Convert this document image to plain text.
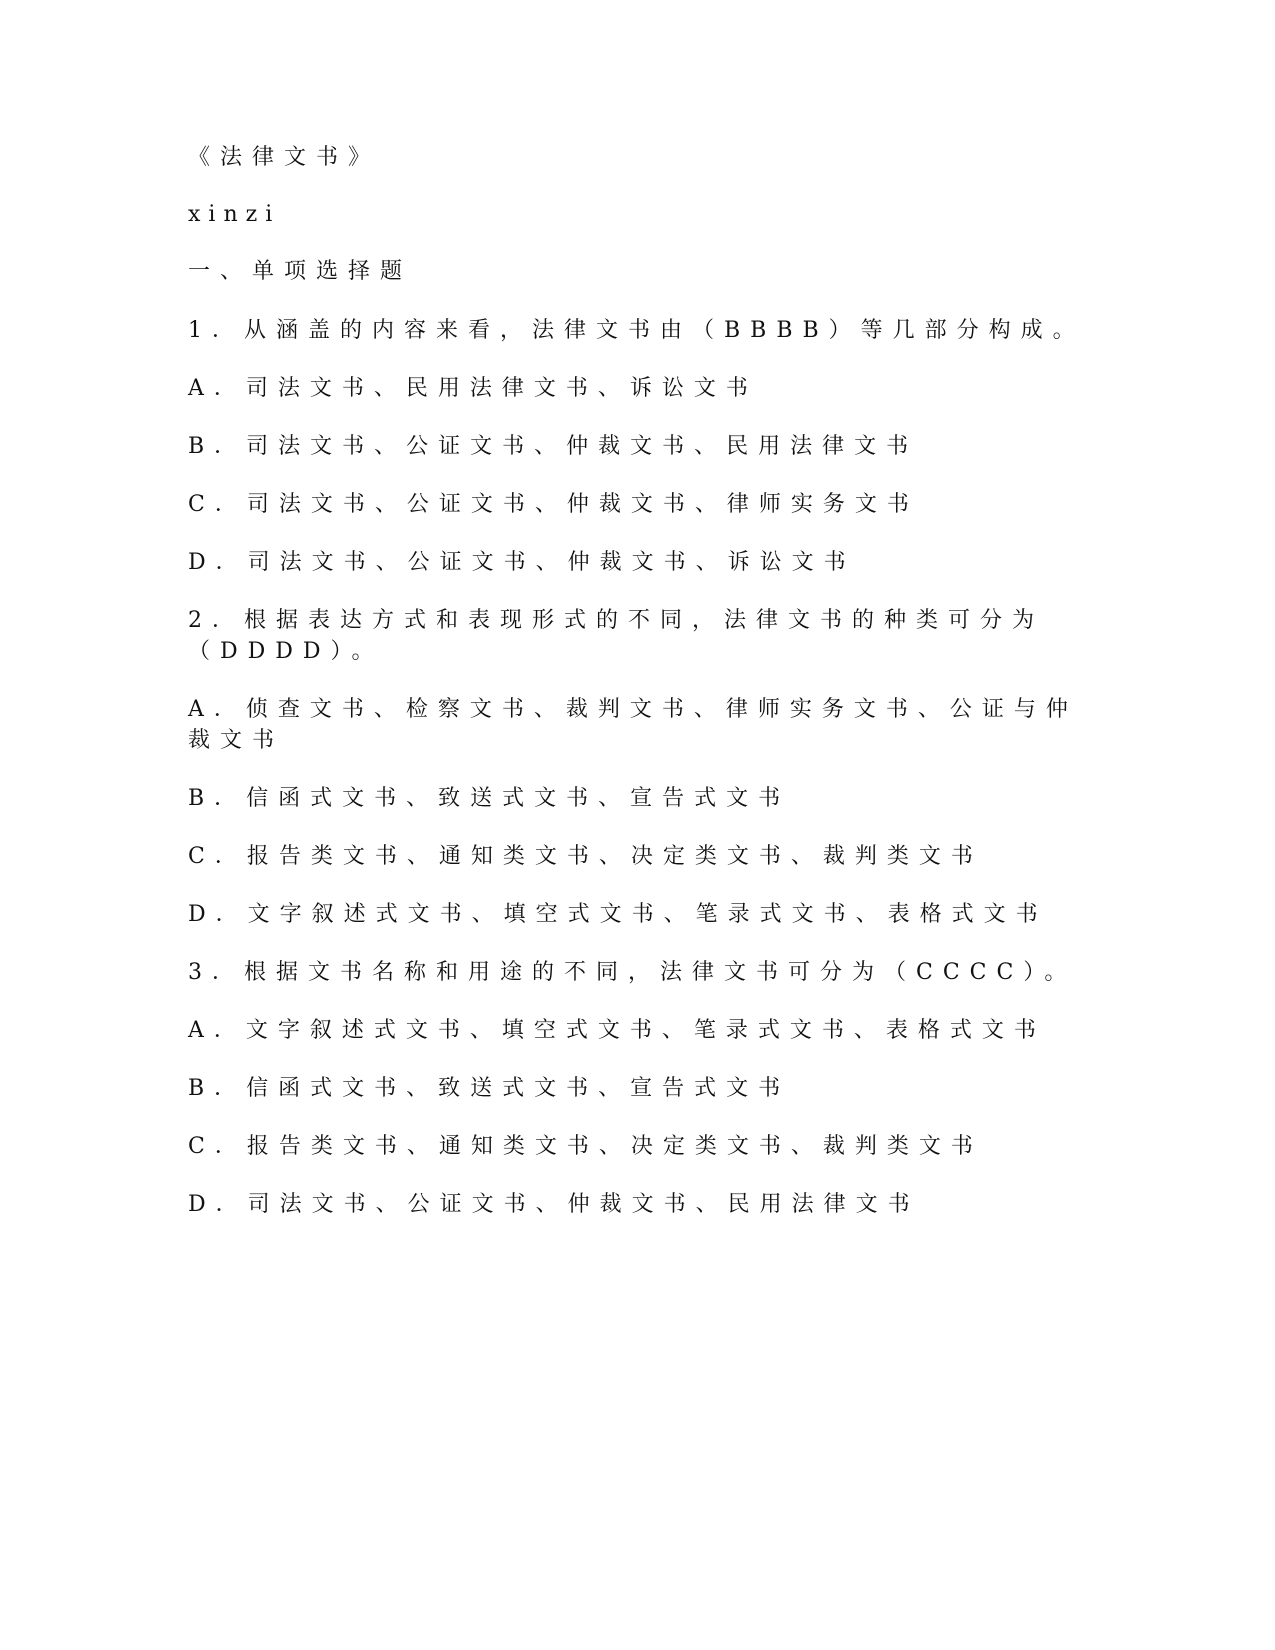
《法律文书》
xinzi
一、单项选择题
1．从涵盖的内容来看，法律文书由（BBBB）等几部分构成。
A．司法文书、民用法律文书、诉讼文书
B．司法文书、公证文书、仲裁文书、民用法律文书
C．司法文书、公证文书、仲裁文书、律师实务文书
D．司法文书、公证文书、仲裁文书、诉讼文书
2．根据表达方式和表现形式的不同，法律文书的种类可分为（DDDD）。
A．侦查文书、检察文书、裁判文书、律师实务文书、公证与仲裁文书
B．信函式文书、致送式文书、宣告式文书
C．报告类文书、通知类文书、决定类文书、裁判类文书
D．文字叙述式文书、填空式文书、笔录式文书、表格式文书
3．根据文书名称和用途的不同，法律文书可分为（CCCC）。
A．文字叙述式文书、填空式文书、笔录式文书、表格式文书
B．信函式文书、致送式文书、宣告式文书
C．报告类文书、通知类文书、决定类文书、裁判类文书
D．司法文书、公证文书、仲裁文书、民用法律文书
